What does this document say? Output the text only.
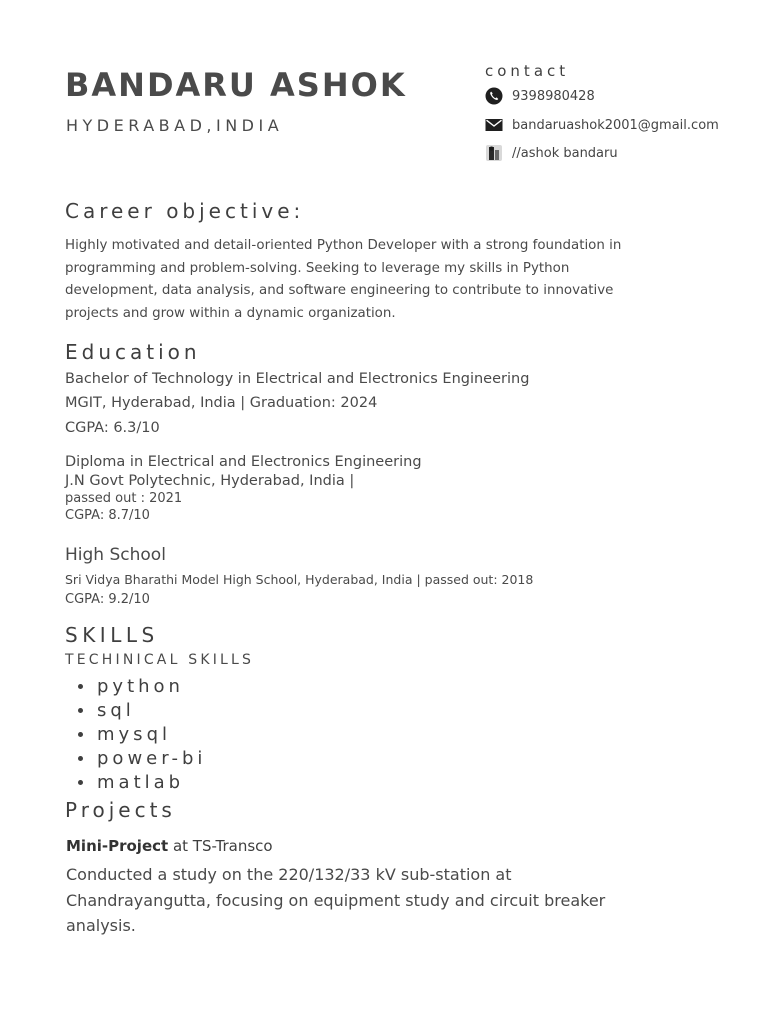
BANDARU ASHOK
HYDERABAD,INDIA
contact
9398980428
bandaruashok2001@gmail.com
//ashok bandaru
Career objective:

Highly motivated and detail-oriented Python Developer with a strong foundation in programming and problem-solving. Seeking to leverage my skills in Python development, data analysis, and software engineering to contribute to innovative projects and grow within a dynamic organization.

Education

Bachelor of Technology in Electrical and Electronics Engineering

MGIT, Hyderabad, India | Graduation: 2024

CGPA: 6.3/10

Diploma in Electrical and Electronics Engineering

J.N Govt Polytechnic, Hyderabad, India |

passed out : 2021

CGPA: 8.7/10

High School

Sri Vidya Bharathi Model High School, Hyderabad, India | passed out: 2018

CGPA: 9.2/10

SKILLS
TECHINICAL SKILLS
python
sql
mysql
power-bi
matlab
Projects

Mini-Project at TS-Transco

Conducted a study on the 220/132/33 kV sub-station at Chandrayangutta, focusing on equipment study and circuit breaker analysis.
